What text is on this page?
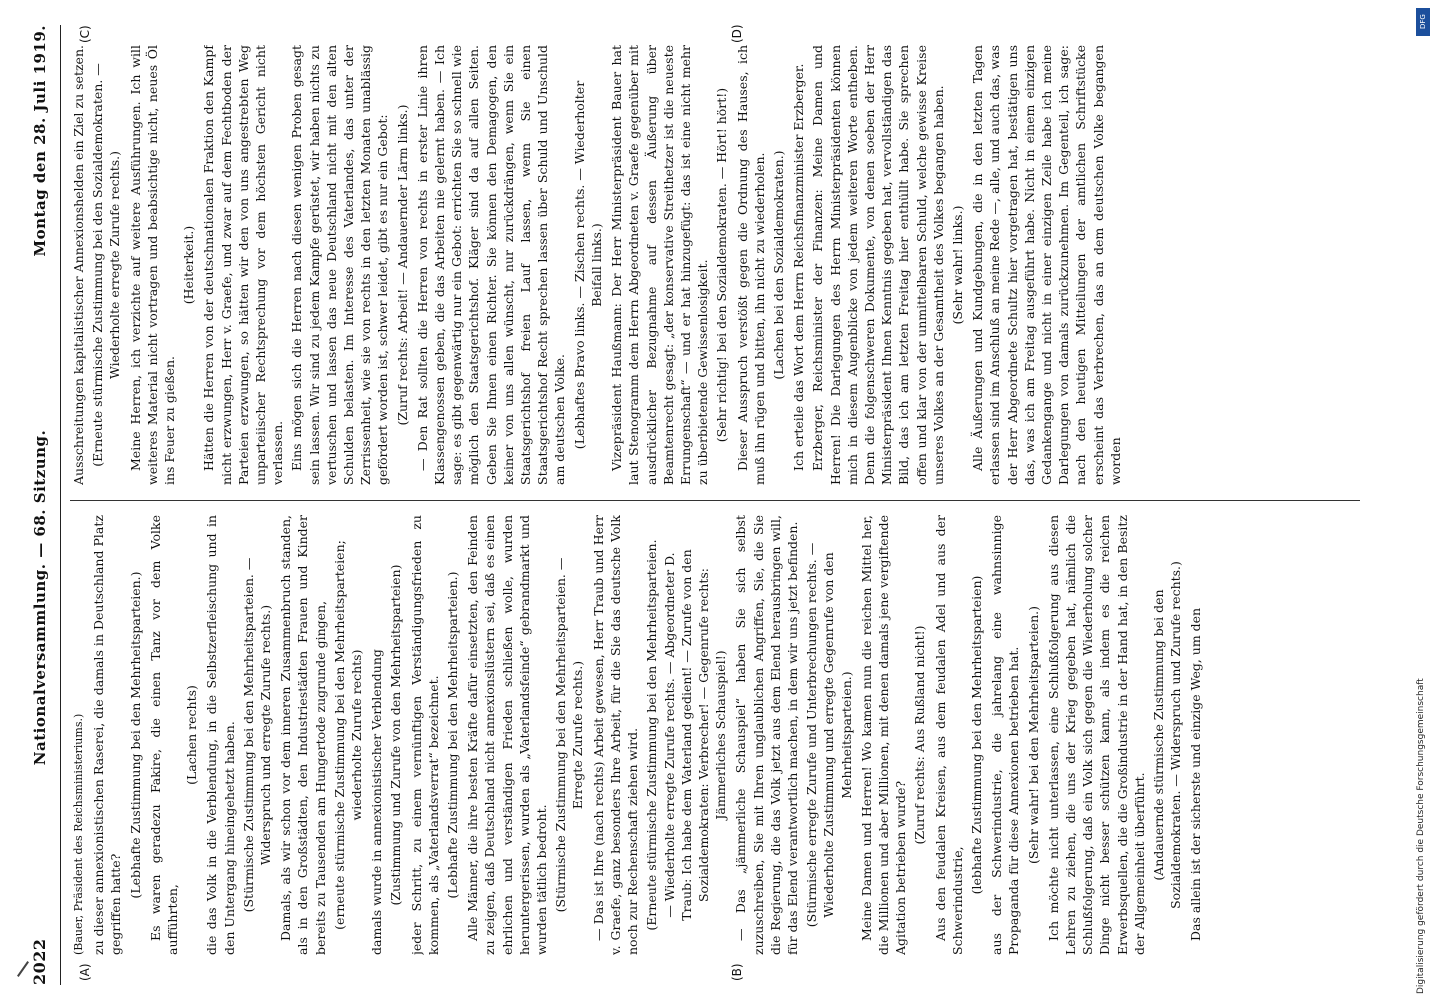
2022
Nationalversammlung. — 68. Sitzung.
Montag den 28. Juli 1919.
(A)	(B)
(C)	(D)

(Bauer, Präsident des Reichsministeriums.) zu dieser annexionistischen Raserei, die damals in Deutschland Platz gegriffen hatte?

(Lebhafte Zustimmung bei den Mehrheitsparteien.) Es waren geradezu Fakire, die einen Tanz vor dem Volke aufführten,

(Lachen rechts) die das Volk in die Verblendung, in die Selbstzerfleischung und in den Untergang hineingehetzt haben. (Stürmische Zustimmung bei den Mehrheitsparteien. — Widerspruch und erregte Zurufe rechts.) Damals, als wir schon vor dem inneren Zusammenbruch standen, als in den Großstädten, den Industriestädten Frauen und Kinder bereits zu Tausenden am Hungertode zugrunde gingen, (erneute stürmische Zustimmung bei den Mehrheitsparteien; wiederholte Zurufe rechts) damals wurde in annexionistischer Verblendung (Zustimmung und Zurufe von den Mehrheitsparteien) jeder Schritt, zu einem vernünftigen Verständigungsfrieden zu kommen, als „Vaterlandsverrat“ bezeichnet. (Lebhafte Zustimmung bei den Mehrheitsparteien.) Alle Männer, die ihre besten Kräfte dafür einsetzten, den Feinden zu zeigen, daß Deutschland nicht annexionslüstern sei, daß es einen ehrlichen und verständigen Frieden schließen wolle, wurden heruntergerissen, wurden als „Vaterlandsfeinde“ gebrandmarkt und wurden tätlich bedroht. (Stürmische Zustimmung bei den Mehrheitsparteien. — Erregte Zurufe rechts.) — Das ist Ihre (nach rechts) Arbeit gewesen, Herr Traub und Herr v. Graefe, ganz besonders Ihre Arbeit, für die Sie das deutsche Volk noch zur Rechenschaft ziehen wird. (Erneute stürmische Zustimmung bei den Mehrheitsparteien. — Wiederholte erregte Zurufe rechts. — Abgeordneter D. Traub: Ich habe dem Vaterland gedient! — Zurufe von den Sozialdemokraten: Verbrecher! — Gegenrufe rechts: Jämmerliches Schauspiel!) — Das „jämmerliche Schauspiel“ haben Sie sich selbst zuzuschreiben, Sie mit Ihren unglaublichen Angriffen, Sie, die Sie die Regierung, die das Volk jetzt aus dem Elend herausbringen will, für das Elend verantwortlich machen, in dem wir uns jetzt befinden. (Stürmische erregte Zurufe und Unterbrechungen rechts. — Wiederholte Zustimmung und erregte Gegenrufe von den Mehrheitsparteien.) Meine Damen und Herren! Wo kamen nun die reichen Mittel her, die Millionen und aber Millionen, mit denen damals jene vergiftende Agitation betrieben wurde?

(Zuruf rechts: Aus Rußland nicht!) Aus den feudalen Kreisen, aus dem feudalen Adel und aus der Schwerindustrie,

(lebhafte Zustimmung bei den Mehrheitsparteien) aus der Schwerindustrie, die jahrelang eine wahnsinnige Propaganda für diese Annexionen betrieben hat. (Sehr wahr! bei den Mehrheitsparteien.) Ich möchte nicht unterlassen, eine Schlußfolgerung aus diesen Lehren zu ziehen, die uns der Krieg gegeben hat, nämlich die Schlußfolgerung, daß ein Volk sich gegen die Wiederholung solcher Dinge nicht besser schützen kann, als indem es die reichen Erwerbsquellen, die die Großindustrie in der Hand hat, in den Besitz der Allgemeinheit überführt. (Andauernde stürmische Zustimmung bei den Sozialdemokraten. — Widerspruch und Zurufe rechts.) Das allein ist der sicherste und einzige Weg, um den

Ausschreitungen kapitalistischer Annexionshelden ein Ziel zu setzen. (Erneute stürmische Zustimmung bei den Sozialdemokraten. — Wiederholte erregte Zurufe rechts.) Meine Herren, ich verzichte auf weitere Ausführungen. Ich will weiteres Material nicht vortragen und beabsichtige nicht, neues Öl ins Feuer zu gießen.

(Heiterkeit.) Hätten die Herren von der deutschnationalen Fraktion den Kampf nicht erzwungen, Herr v. Graefe, und zwar auf dem Fechtboden der Parteien erzwungen, so hätten wir den von uns angestrebten Weg unparteiischer Rechtsprechung vor dem höchsten Gericht nicht verlassen. Eins mögen sich die Herren nach diesen wenigen Proben gesagt sein lassen. Wir sind zu jedem Kampfe gerüstet, wir haben nichts zu vertuschen und lassen das neue Deutschland nicht mit den alten Schulden belasten. Im Interesse des Vaterlandes, das unter der Zerrissenheit, wie sie von rechts in den letzten Monaten unablässig gefördert worden ist, schwer leidet, gibt es nur ein Gebot: (Zuruf rechts: Arbeit! — Andauernder Lärm links.) — Den Rat sollten die Herren von rechts in erster Linie ihren Klassengenossen geben, die das Arbeiten nie gelernt haben. — Ich sage: es gibt gegenwärtig nur ein Gebot: errichten Sie so schnell wie möglich den Staatsgerichtshof. Kläger sind da auf allen Seiten. Geben Sie Ihnen einen Richter. Sie können den Demagogen, den keiner von uns allen wünscht, nur zurückdrängen, wenn Sie ein Staatsgerichtshof freien Lauf lassen, wenn Sie einen Staatsgerichtshof Recht sprechen lassen über Schuld und Unschuld am deutschen Volke. (Lebhaftes Bravo links. — Zischen rechts. — Wiederholter Beifall links.) Vizepräsident Haußmann: Der Herr Ministerpräsident Bauer hat laut Stenogramm dem Herrn Abgeordneten v. Graefe gegenüber mit ausdrücklicher Bezugnahme auf dessen Äußerung über Beamtenrecht gesagt: „der konservative Streithetzer ist die neueste Errungenschaft“ — und er hat hinzugefügt: das ist eine nicht mehr zu überbietende Gewissenlosigkeit. (Sehr richtig! bei den Sozialdemokraten. — Hört! hört!) Dieser Ausspruch verstößt gegen die Ordnung des Hauses, ich muß ihn rügen und bitten, ihn nicht zu wiederholen. (Lachen bei den Sozialdemokraten.) Ich erteile das Wort dem Herrn Reichsfinanzminister Erzberger. Erzberger, Reichsminister der Finanzen: Meine Damen und Herren! Die Darlegungen des Herrn Ministerpräsidenten können mich in diesem Augenblicke von jedem weiteren Worte entheben. Denn die folgenschweren Dokumente, von denen soeben der Herr Ministerpräsident Ihnen Kenntnis gegeben hat, vervollständigen das Bild, das ich am letzten Freitag hier enthüllt habe. Sie sprechen offen und klar von der unmittelbaren Schuld, welche gewisse Kreise unseres Volkes an der Gesamtheit des Volkes begangen haben. (Sehr wahr! links.) Alle Äußerungen und Kundgebungen, die in den letzten Tagen erlassen sind im Anschluß an meine Rede —, alle, und auch das, was der Herr Abgeordnete Schultz hier vorgetragen hat, bestätigen uns das, was ich am Freitag ausgeführt habe. Nicht in einem einzigen Gedankengange und nicht in einer einzigen Zeile habe ich meine Darlegungen von damals zurückzunehmen. Im Gegenteil, ich sage: nach den heutigen Mitteilungen der amtlichen Schriftstücke erscheint das Verbrechen, das an dem deutschen Volke begangen worden

DFG
Digitalisierung gefördert durch die Deutsche Forschungsgemeinschaft
